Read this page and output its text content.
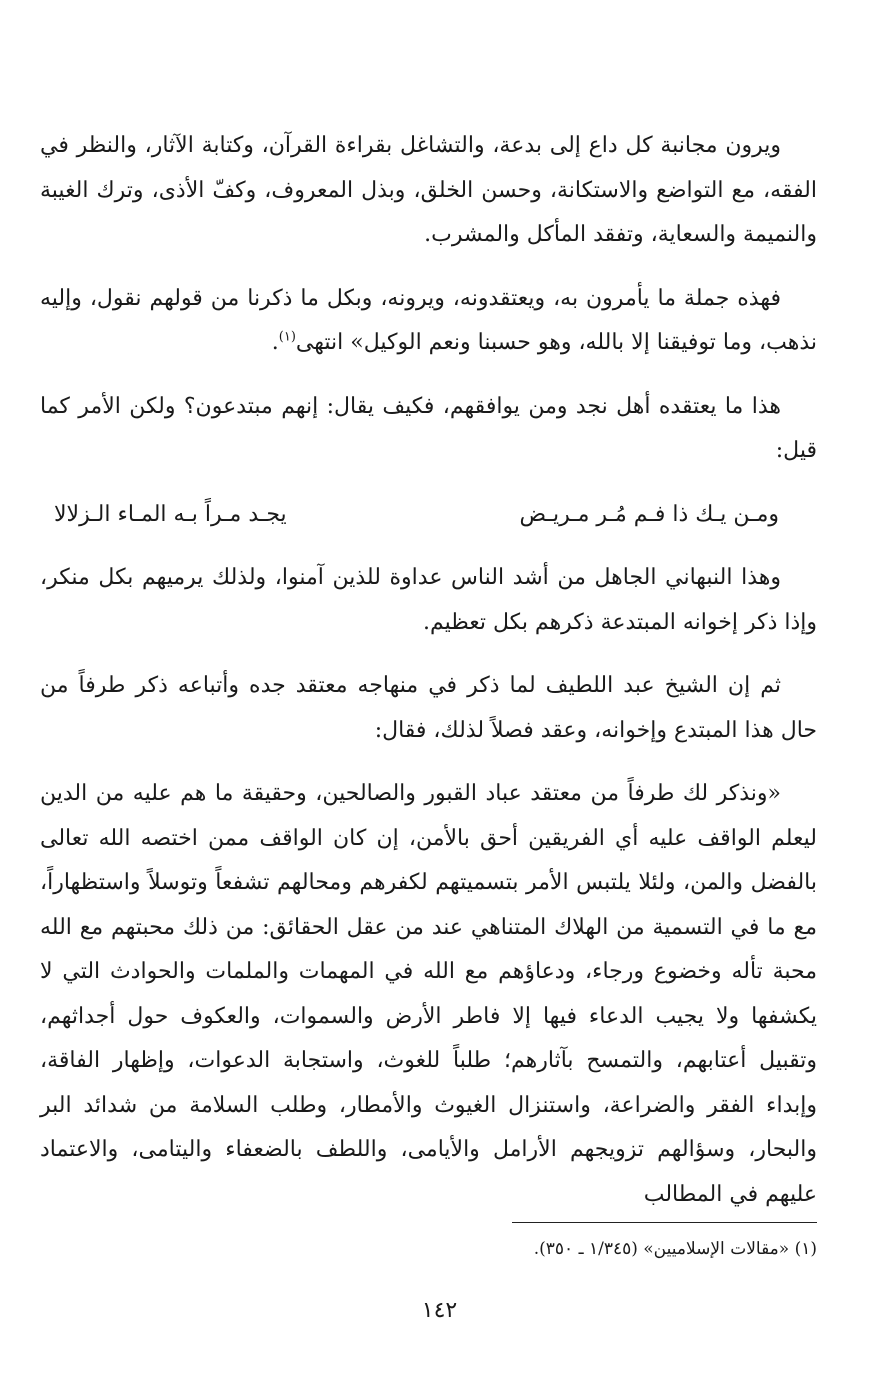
ويرون مجانبة كل داع إلى بدعة، والتشاغل بقراءة القرآن، وكتابة الآثار، والنظر في الفقه، مع التواضع والاستكانة، وحسن الخلق، وبذل المعروف، وكفّ الأذى، وترك الغيبة والنميمة والسعاية، وتفقد المأكل والمشرب.

فهذه جملة ما يأمرون به، ويعتقدونه، ويرونه، وبكل ما ذكرنا من قولهم نقول، وإليه نذهب، وما توفيقنا إلا بالله، وهو حسبنا ونعم الوكيل» انتهى$^{(١)}$.

هذا ما يعتقده أهل نجد ومن يوافقهم، فكيف يقال: إنهم مبتدعون؟ ولكن الأمر كما قيل:

ومـن يـك ذا فـم مُـر مـريـض
يجـد مـراً بـه المـاء الـزلالا

وهذا النبهاني الجاهل من أشد الناس عداوة للذين آمنوا، ولذلك يرميهم بكل منكر، وإذا ذكر إخوانه المبتدعة ذكرهم بكل تعظيم.

ثم إن الشيخ عبد اللطيف لما ذكر في منهاجه معتقد جده وأتباعه ذكر طرفاً من حال هذا المبتدع وإخوانه، وعقد فصلاً لذلك، فقال:

«ونذكر لك طرفاً من معتقد عباد القبور والصالحين، وحقيقة ما هم عليه من الدين ليعلم الواقف عليه أي الفريقين أحق بالأمن، إن كان الواقف ممن اختصه الله تعالى بالفضل والمن، ولئلا يلتبس الأمر بتسميتهم لكفرهم ومحالهم تشفعاً وتوسلاً واستظهاراً، مع ما في التسمية من الهلاك المتناهي عند من عقل الحقائق: من ذلك محبتهم مع الله محبة تأله وخضوع ورجاء، ودعاؤهم مع الله في المهمات والملمات والحوادث التي لا يكشفها ولا يجيب الدعاء فيها إلا فاطر الأرض والسموات، والعكوف حول أجداثهم، وتقبيل أعتابهم، والتمسح بآثارهم؛ طلباً للغوث، واستجابة الدعوات، وإظهار الفاقة، وإبداء الفقر والضراعة، واستنزال الغيوث والأمطار، وطلب السلامة من شدائد البر والبحار، وسؤالهم تزويجهم الأرامل والأيامى، واللطف بالضعفاء واليتامى، والاعتماد عليهم في المطالب

(١) «مقالات الإسلاميين» (١/٣٤٥ ـ ٣٥٠).
١٤٢
